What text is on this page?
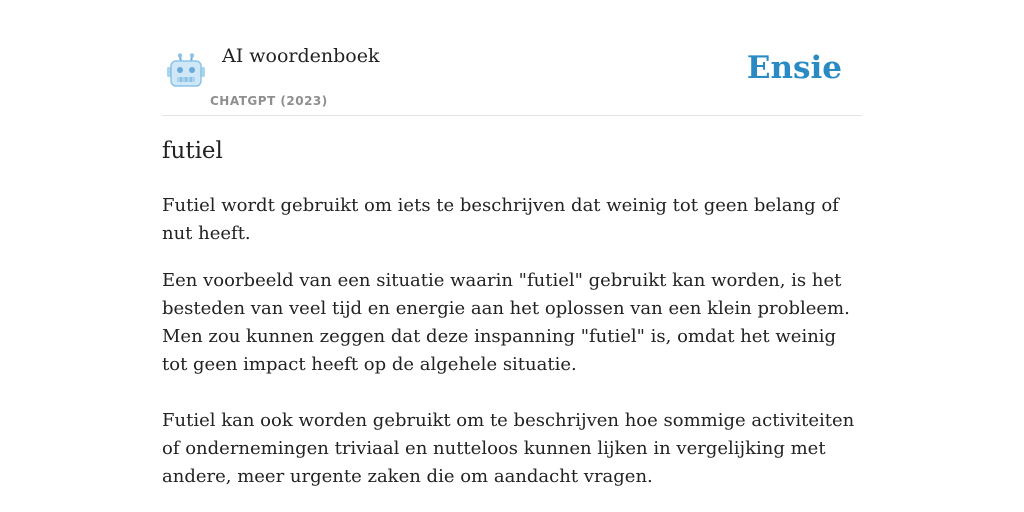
AI woordenboek
CHATGPT (2023)
Ensie
futiel

Futiel wordt gebruikt om iets te beschrijven dat weinig tot geen belang of nut heeft.

Een voorbeeld van een situatie waarin "futiel" gebruikt kan worden, is het besteden van veel tijd en energie aan het oplossen van een klein probleem. Men zou kunnen zeggen dat deze inspanning "futiel" is, omdat het weinig tot geen impact heeft op de algehele situatie.

Futiel kan ook worden gebruikt om te beschrijven hoe sommige activiteiten of ondernemingen triviaal en nutteloos kunnen lijken in vergelijking met andere, meer urgente zaken die om aandacht vragen.
